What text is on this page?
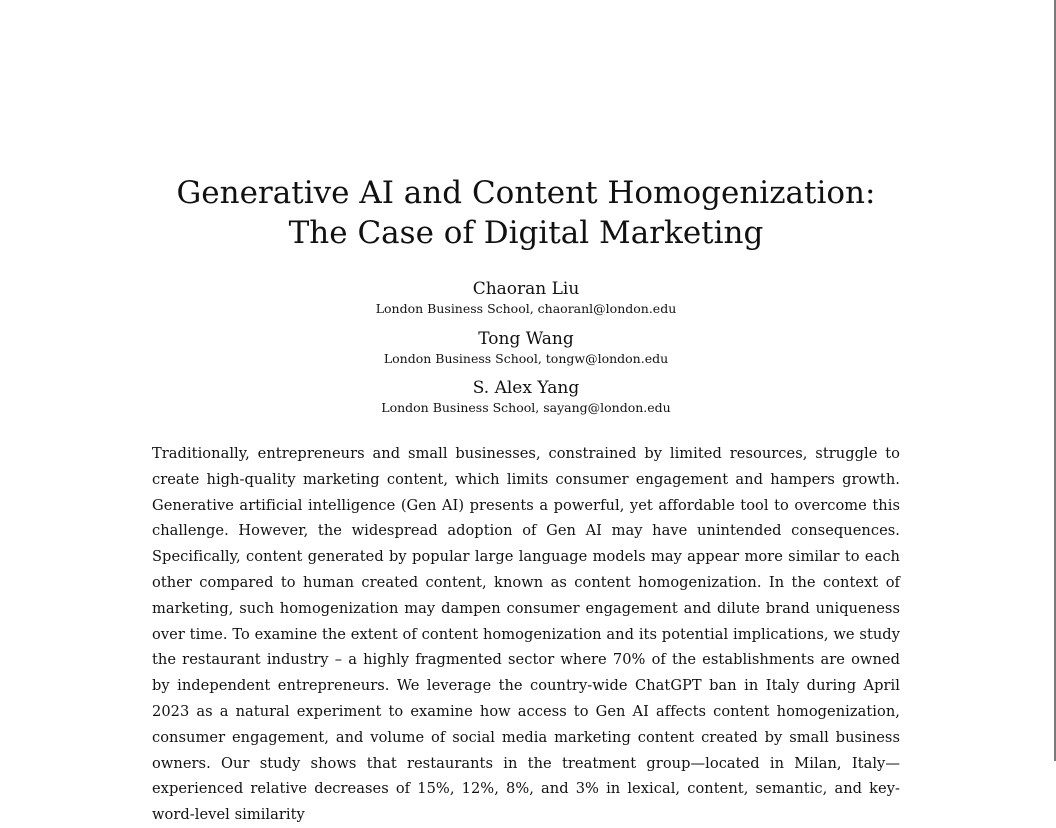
Generative AI and Content Homogenization:
The Case of Digital Marketing
Chaoran Liu
London Business School, chaoranl@london.edu
Tong Wang
London Business School, tongw@london.edu
S. Alex Yang
London Business School, sayang@london.edu

Traditionally, entrepreneurs and small businesses, constrained by limited resources, struggle to create high-quality marketing content, which limits consumer engagement and hampers growth. Generative artificial intelligence (Gen AI) presents a powerful, yet affordable tool to overcome this challenge. However, the widespread adoption of Gen AI may have unintended consequences. Specifically, content generated by popular large language models may appear more similar to each other compared to human created content, known as content homogenization. In the context of marketing, such homogenization may dampen consumer engagement and dilute brand uniqueness over time. To examine the extent of content homogenization and its potential implications, we study the restaurant industry – a highly fragmented sector where 70% of the establishments are owned by independent entrepreneurs. We leverage the country-wide ChatGPT ban in Italy during April 2023 as a natural experiment to examine how access to Gen AI affects content homogenization, consumer engagement, and volume of social media marketing content created by small business owners. Our study shows that restaurants in the treatment group—located in Milan, Italy—experienced relative decreases of 15%, 12%, 8%, and 3% in lexical, content, semantic, and key-word-level similarity
